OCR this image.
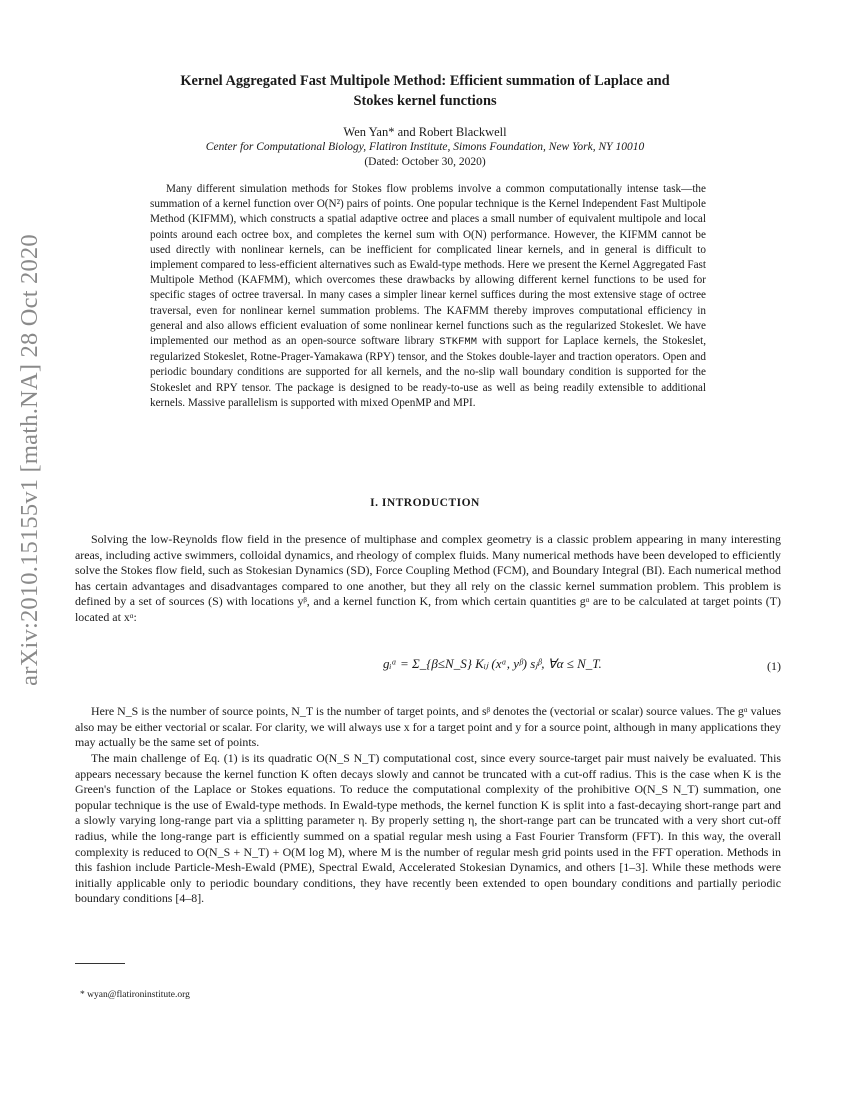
arXiv:2010.15155v1 [math.NA] 28 Oct 2020
Kernel Aggregated Fast Multipole Method: Efficient summation of Laplace and
Stokes kernel functions
Wen Yan* and Robert Blackwell
Center for Computational Biology, Flatiron Institute, Simons Foundation, New York, NY 10010
(Dated: October 30, 2020)

Many different simulation methods for Stokes flow problems involve a common computationally intense task—the summation of a kernel function over O(N²) pairs of points. One popular technique is the Kernel Independent Fast Multipole Method (KIFMM), which constructs a spatial adaptive octree and places a small number of equivalent multipole and local points around each octree box, and completes the kernel sum with O(N) performance. However, the KIFMM cannot be used directly with nonlinear kernels, can be inefficient for complicated linear kernels, and in general is difficult to implement compared to less-efficient alternatives such as Ewald-type methods. Here we present the Kernel Aggregated Fast Multipole Method (KAFMM), which overcomes these drawbacks by allowing different kernel functions to be used for specific stages of octree traversal. In many cases a simpler linear kernel suffices during the most extensive stage of octree traversal, even for nonlinear kernel summation problems. The KAFMM thereby improves computational efficiency in general and also allows efficient evaluation of some nonlinear kernel functions such as the regularized Stokeslet. We have implemented our method as an open-source software library STKFMM with support for Laplace kernels, the Stokeslet, regularized Stokeslet, Rotne-Prager-Yamakawa (RPY) tensor, and the Stokes double-layer and traction operators. Open and periodic boundary conditions are supported for all kernels, and the no-slip wall boundary condition is supported for the Stokeslet and RPY tensor. The package is designed to be ready-to-use as well as being readily extensible to additional kernels. Massive parallelism is supported with mixed OpenMP and MPI.

I. INTRODUCTION

Solving the low-Reynolds flow field in the presence of multiphase and complex geometry is a classic problem appearing in many interesting areas, including active swimmers, colloidal dynamics, and rheology of complex fluids. Many numerical methods have been developed to efficiently solve the Stokes flow field, such as Stokesian Dynamics (SD), Force Coupling Method (FCM), and Boundary Integral (BI). Each numerical method has certain advantages and disadvantages compared to one another, but they all rely on the classic kernel summation problem. This problem is defined by a set of sources (S) with locations yᵝ, and a kernel function K, from which certain quantities gᵅ are to be calculated at target points (T) located at xᵅ:

gᵢᵅ = Σ_{β≤N_S} Kᵢⱼ (xᵅ, yᵝ) sⱼᵝ, ∀α ≤ N_T.	(1)

Here N_S is the number of source points, N_T is the number of target points, and sᵝ denotes the (vectorial or scalar) source values. The gᵅ values also may be either vectorial or scalar. For clarity, we will always use x for a target point and y for a source point, although in many applications they may actually be the same set of points.

The main challenge of Eq. (1) is its quadratic O(N_S N_T) computational cost, since every source-target pair must naively be evaluated. This appears necessary because the kernel function K often decays slowly and cannot be truncated with a cut-off radius. This is the case when K is the Green's function of the Laplace or Stokes equations. To reduce the computational complexity of the prohibitive O(N_S N_T) summation, one popular technique is the use of Ewald-type methods. In Ewald-type methods, the kernel function K is split into a fast-decaying short-range part and a slowly varying long-range part via a splitting parameter η. By properly setting η, the short-range part can be truncated with a very short cut-off radius, while the long-range part is efficiently summed on a spatial regular mesh using a Fast Fourier Transform (FFT). In this way, the overall complexity is reduced to O(N_S + N_T) + O(M log M), where M is the number of regular mesh grid points used in the FFT operation. Methods in this fashion include Particle-Mesh-Ewald (PME), Spectral Ewald, Accelerated Stokesian Dynamics, and others [1–3]. While these methods were initially applicable only to periodic boundary conditions, they have recently been extended to open boundary conditions and partially periodic boundary conditions [4–8].

* wyan@flatironinstitute.org
